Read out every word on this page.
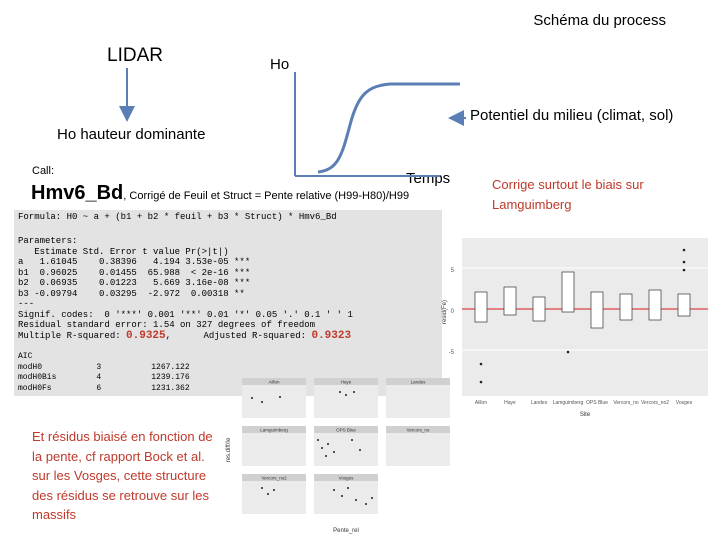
Schéma du process
LIDAR	Ho
Potentiel du milieu (climat, sol)
Ho hauteur dominante
Temps
Call:
Hmv6_Bd, Corrigé de Feuil et Struct = Pente relative (H99-H80)/H99
Corrige surtout le biais sur Lamguimberg
Formula: H0 ~ a + (b1 + b2 * feuil + b3 * Struct) * Hmv6_Bd
Parameters:
Estimate Std. Error t value Pr(>|t|)
a   1.61045    0.38396   4.194 3.53e-05 ***
b1  0.96025    0.01455  65.988  < 2e-16 ***
b2  0.06935    0.01223   5.669 3.16e-08 ***
b3 -0.09794    0.03295  -2.972  0.00318 **
---
Signif. codes:  0 '***' 0.001 '**' 0.01 '*' 0.05 '.' 0.1 ' ' 1
Residual standard error: 1.54 on 327 degrees of freedom
Multiple R-squared: 0.9325,      Adjusted R-squared: 0.9323
AIC		
modH0	3	1267.122
modH0Bis	4	1239.176
modH0Fs	6	1231.362
Et résidus biaisé en fonction de la pente, cf rapport Bock et al. sur les Vosges, cette structure des résidus se retrouve sur les massifs
5
0
-5
resid(Fe)
Aillon	Haye	Landes Lamguimberg OPS Blue Vercors_no Vercors_no2 Vosges
Site
res.diff/Ie
Aillon	Haye	Landes
Lamguimberg	OPS Blue	Vercors_no
Vercors_no2	Vosges
Pente_rel
